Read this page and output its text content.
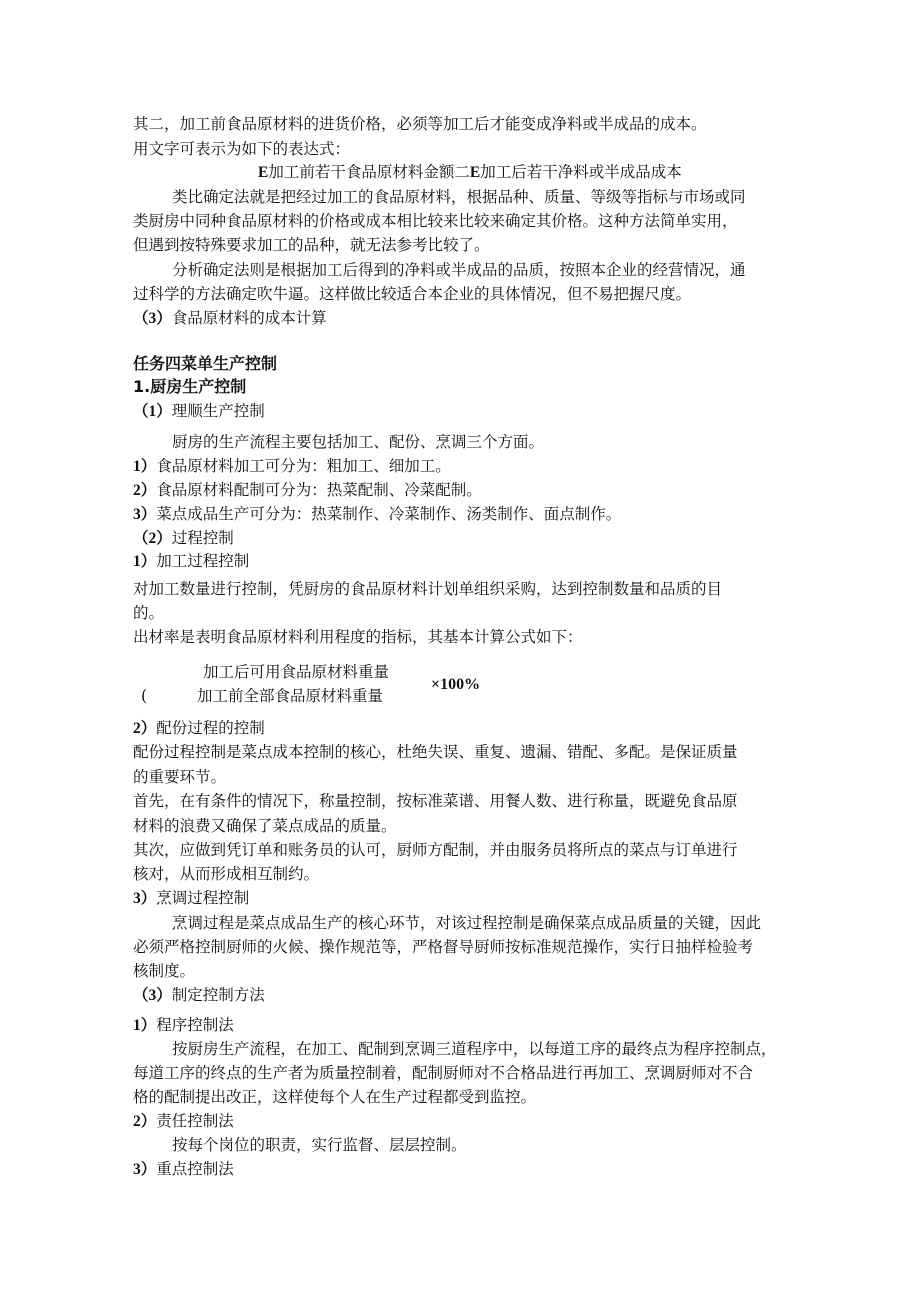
其二，加工前食品原材料的进货价格，必须等加工后才能变成净料或半成品的成本。
用文字可表示为如下的表达式：
E加工前若干食品原材料金额二E加工后若干净料或半成品成本
类比确定法就是把经过加工的食品原材料，根据品种、质量、等级等指标与市场或同
类厨房中同种食品原材料的价格或成本相比较来比较来确定其价格。这种方法简单实用，
但遇到按特殊要求加工的品种，就无法参考比较了。
分析确定法则是根据加工后得到的净料或半成品的品质，按照本企业的经营情况，通
过科学的方法确定吹牛逼。这样做比较适合本企业的具体情况，但不易把握尺度。
（3）食品原材料的成本计算
任务四菜单生产控制
1.厨房生产控制
（1）理顺生产控制
厨房的生产流程主要包括加工、配份、烹调三个方面。
1）食品原材料加工可分为：粗加工、细加工。
2）食品原材料配制可分为：热菜配制、冷菜配制。
3）菜点成品生产可分为：热菜制作、冷菜制作、汤类制作、面点制作。
（2）过程控制
1）加工过程控制
对加工数量进行控制，凭厨房的食品原材料计划单组织采购，达到控制数量和品质的目
的。
出材率是表明食品原材料利用程度的指标，其基本计算公式如下：
加工后可用食品原材料重量
(	加工前全部食品原材料重量
×100%
2）配份过程的控制
配份过程控制是菜点成本控制的核心，杜绝失误、重复、遗漏、错配、多配。是保证质量
的重要环节。
首先，在有条件的情况下，称量控制，按标准菜谱、用餐人数、进行称量，既避免食品原
材料的浪费又确保了菜点成品的质量。
其次，应做到凭订单和账务员的认可，厨师方配制，并由服务员将所点的菜点与订单进行
核对，从而形成相互制约。
3）烹调过程控制
烹调过程是菜点成品生产的核心环节，对该过程控制是确保菜点成品质量的关键，因此
必须严格控制厨师的火候、操作规范等，严格督导厨师按标准规范操作，实行日抽样检验考
核制度。
（3）制定控制方法
1）程序控制法
按厨房生产流程，在加工、配制到烹调三道程序中，以每道工序的最终点为程序控制点，
每道工序的终点的生产者为质量控制着，配制厨师对不合格品进行再加工、烹调厨师对不合
格的配制提出改正，这样使每个人在生产过程都受到监控。
2）责任控制法
按每个岗位的职责，实行监督、层层控制。
3）重点控制法
